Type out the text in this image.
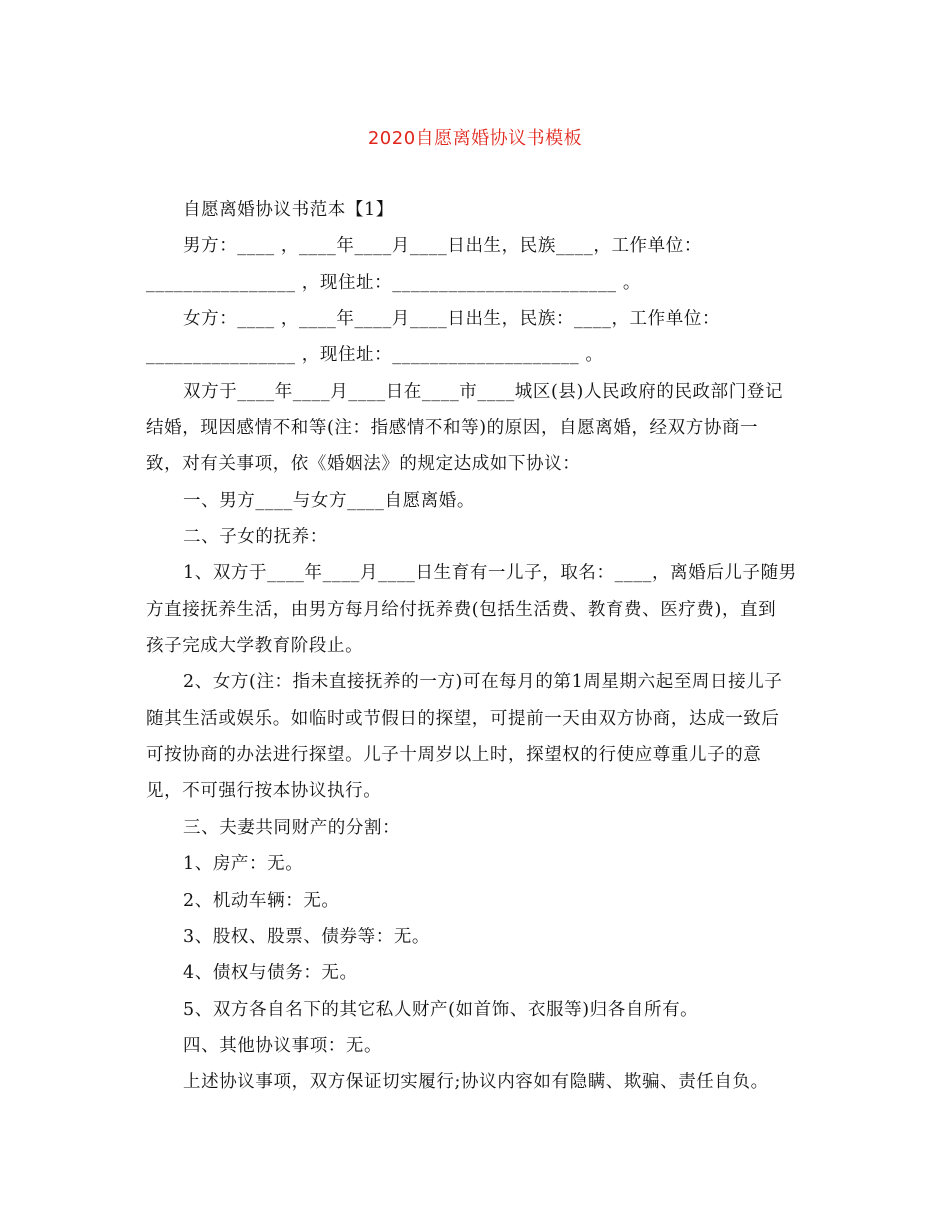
2020自愿离婚协议书模板
自愿离婚协议书范本【1】
男方：____ ，____年____月____日出生，民族____，工作单位：
________________ ，现住址：________________________ 。
女方：____ ，____年____月____日出生，民族：____，工作单位：
________________ ，现住址：____________________ 。
双方于____年____月____日在____市____城区(县)人民政府的民政部门登记
结婚，现因感情不和等(注：指感情不和等)的原因，自愿离婚，经双方协商一
致，对有关事项，依《婚姻法》的规定达成如下协议：
一、男方____与女方____自愿离婚。
二、子女的抚养：
1、双方于____年____月____日生育有一儿子，取名：____，离婚后儿子随男
方直接抚养生活，由男方每月给付抚养费(包括生活费、教育费、医疗费)，直到
孩子完成大学教育阶段止。
2、女方(注：指未直接抚养的一方)可在每月的第1周星期六起至周日接儿子
随其生活或娱乐。如临时或节假日的探望，可提前一天由双方协商，达成一致后
可按协商的办法进行探望。儿子十周岁以上时，探望权的行使应尊重儿子的意
见，不可强行按本协议执行。
三、夫妻共同财产的分割：
1、房产：无。
2、机动车辆：无。
3、股权、股票、债券等：无。
4、债权与债务：无。
5、双方各自名下的其它私人财产(如首饰、衣服等)归各自所有。
四、其他协议事项：无。
上述协议事项，双方保证切实履行;协议内容如有隐瞒、欺骗、责任自负。
